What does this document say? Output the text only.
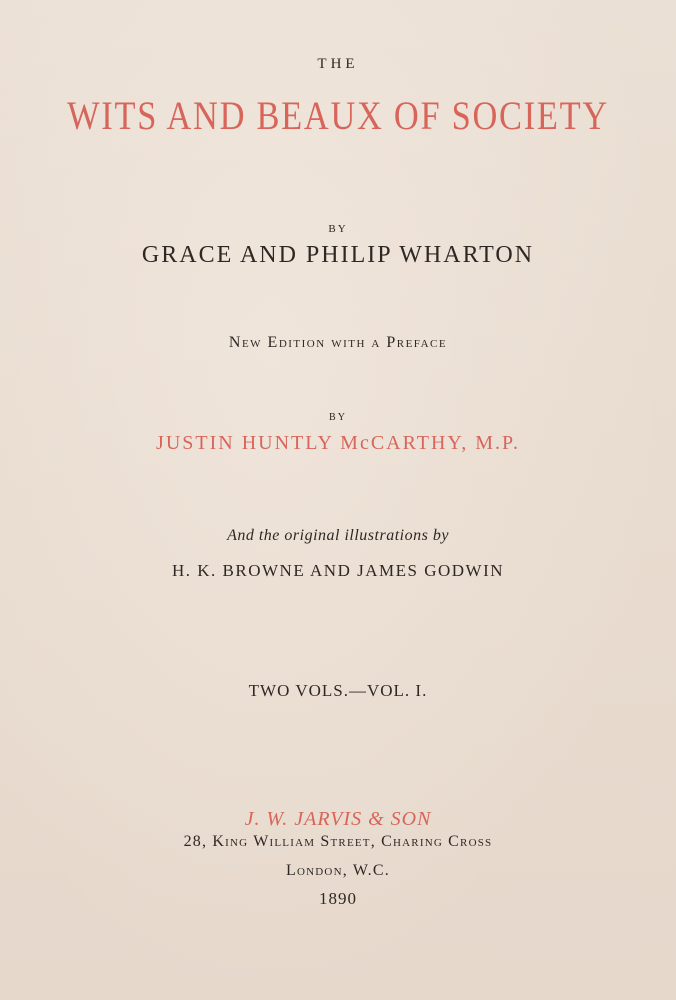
THE
WITS AND BEAUX OF SOCIETY
BY
GRACE AND PHILIP WHARTON
New Edition with a Preface
BY
JUSTIN HUNTLY McCARTHY, M.P.
And the original illustrations by
H. K. BROWNE AND JAMES GODWIN
TWO VOLS.—VOL. I.
J. W. JARVIS & SON
28, King William Street, Charing Cross
London, W.C.
1890
